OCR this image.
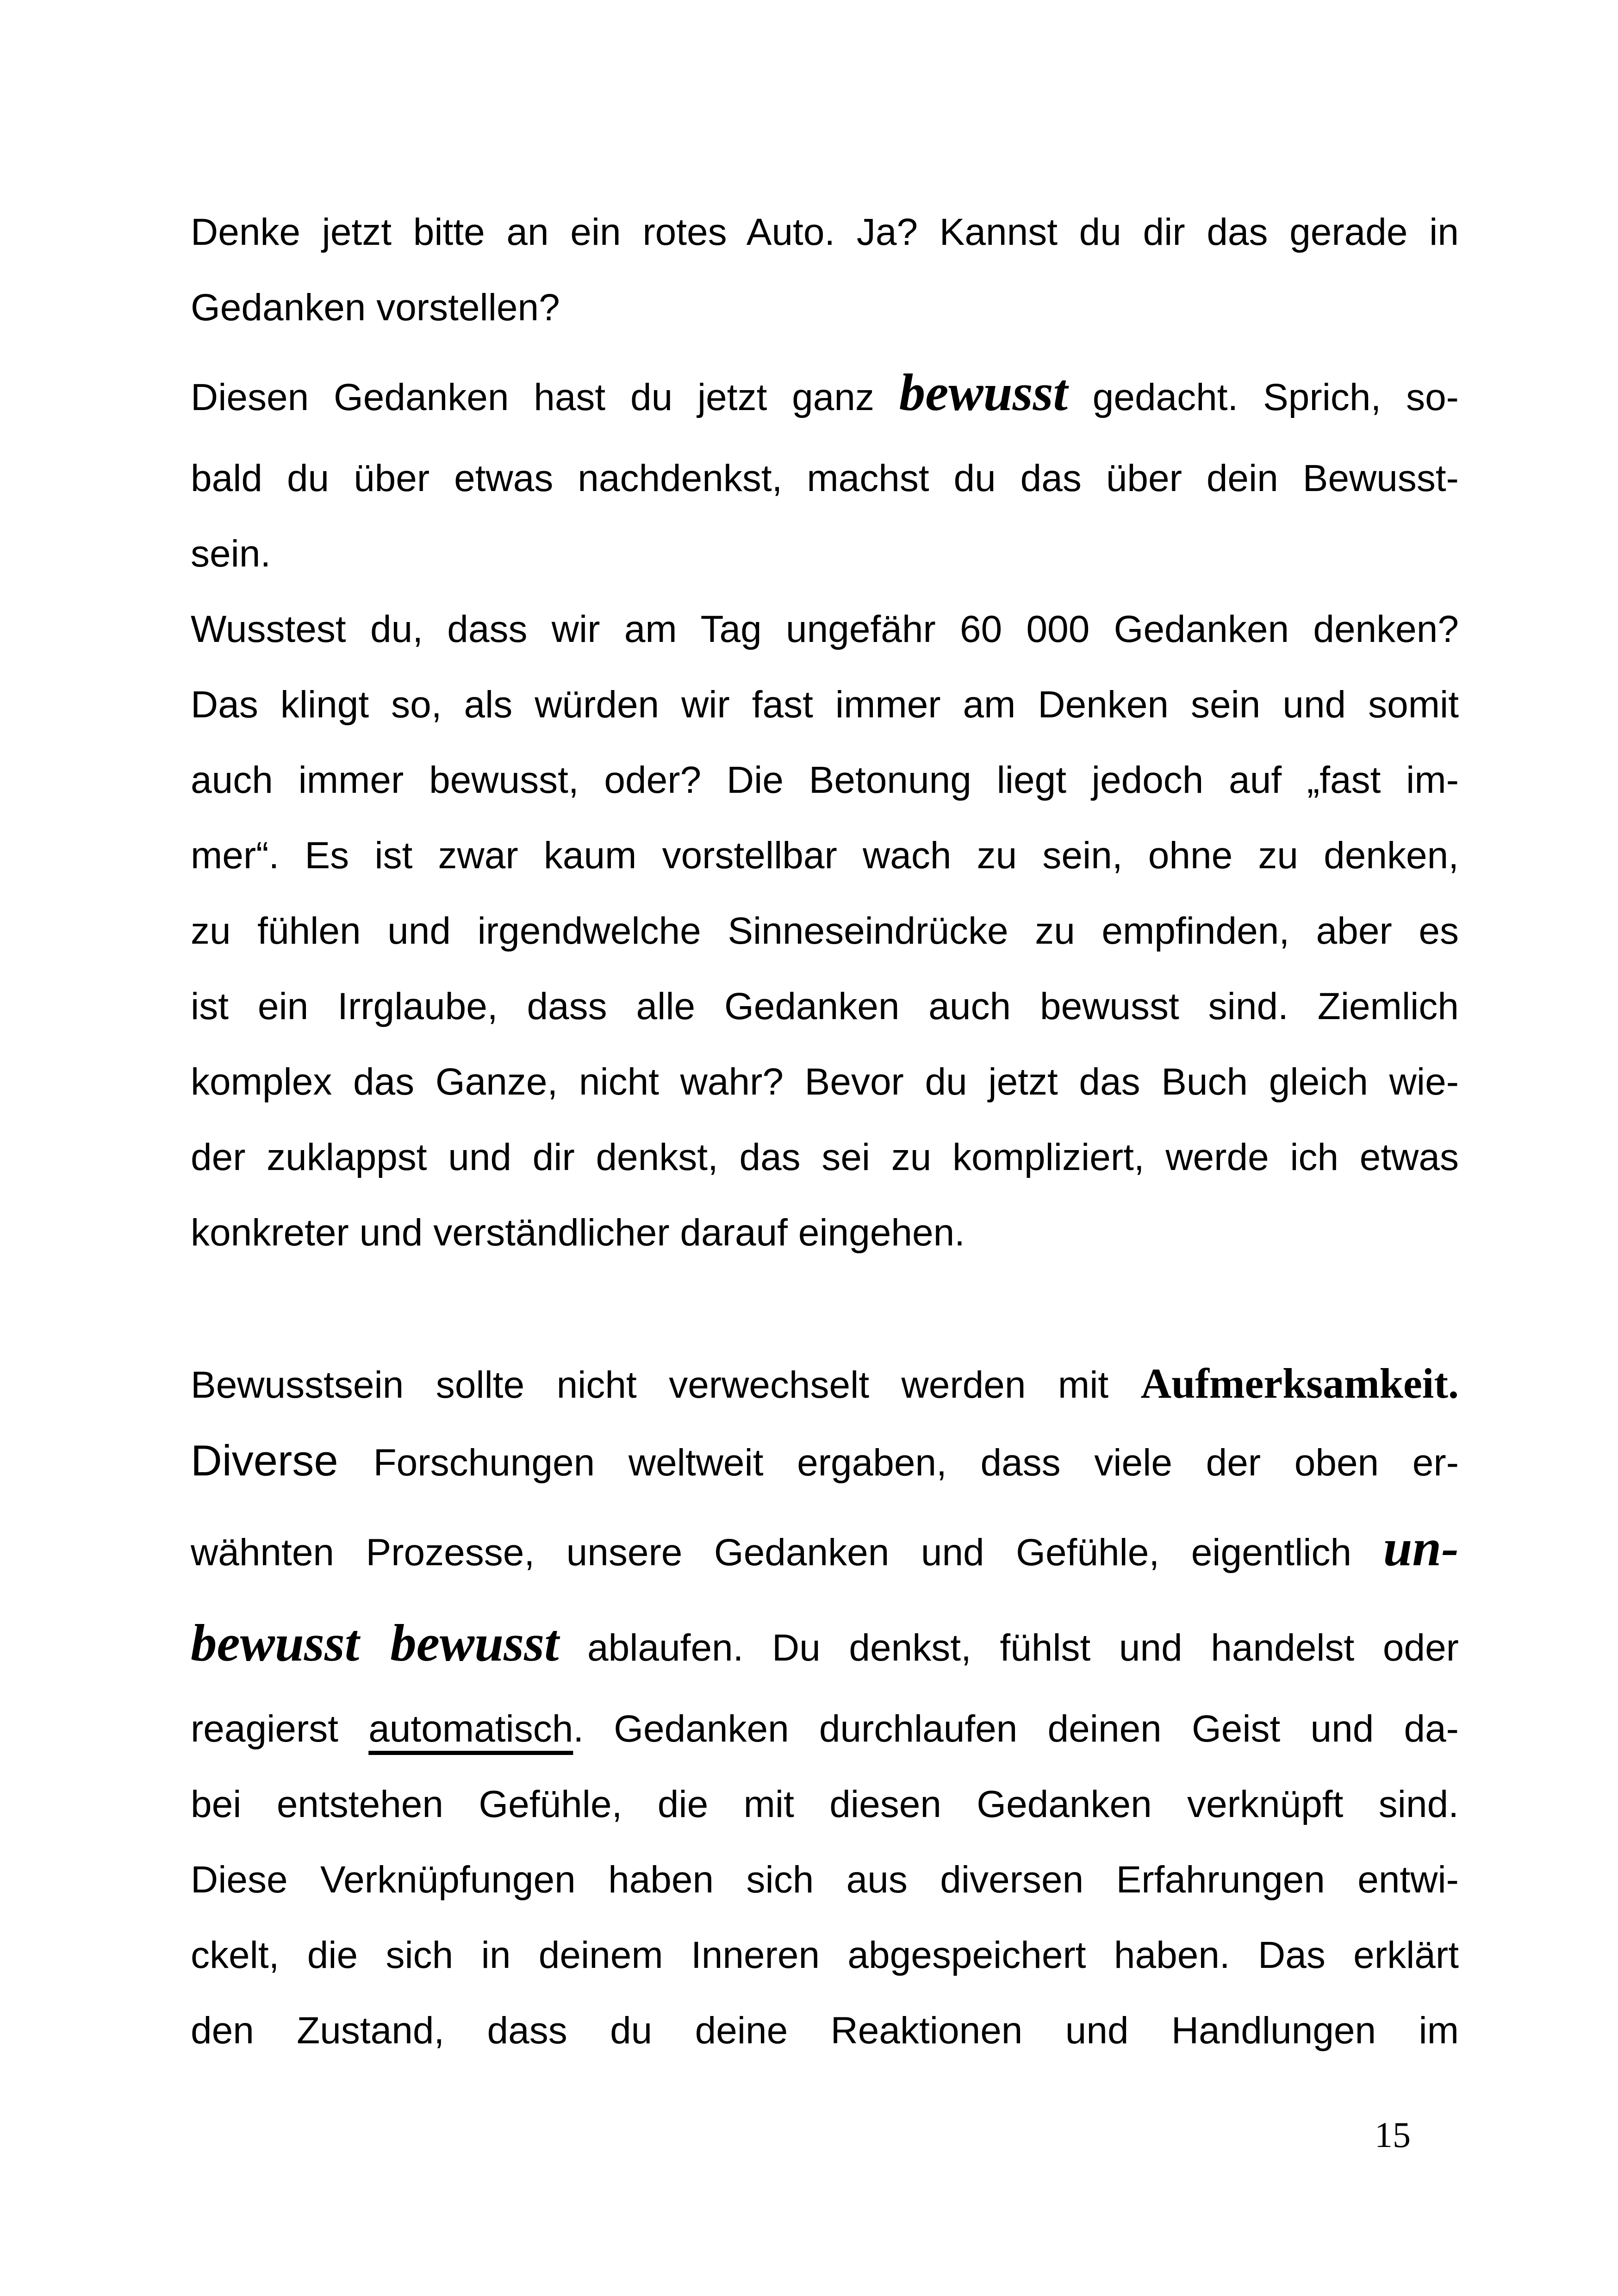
Denke jetzt bitte an ein rotes Auto. Ja? Kannst du dir das gerade in
Gedanken vorstellen?
Diesen Gedanken hast du jetzt ganz bewusst gedacht. Sprich, so-
bald du über etwas nachdenkst, machst du das über dein Bewusst-
sein.
Wusstest du, dass wir am Tag ungefähr 60 000 Gedanken denken?
Das klingt so, als würden wir fast immer am Denken sein und somit
auch immer bewusst, oder? Die Betonung liegt jedoch auf „fast im-
mer“. Es ist zwar kaum vorstellbar wach zu sein, ohne zu denken,
zu fühlen und irgendwelche Sinneseindrücke zu empfinden, aber es
ist ein Irrglaube, dass alle Gedanken auch bewusst sind. Ziemlich
komplex das Ganze, nicht wahr? Bevor du jetzt das Buch gleich wie-
der zuklappst und dir denkst, das sei zu kompliziert, werde ich etwas
konkreter und verständlicher darauf eingehen.
Bewusstsein sollte nicht verwechselt werden mit Aufmerksamkeit.
Diverse Forschungen weltweit ergaben, dass viele der oben er-
wähnten Prozesse, unsere Gedanken und Gefühle, eigentlich un-
bewusst bewusst ablaufen. Du denkst, fühlst und handelst oder
reagierst automatisch. Gedanken durchlaufen deinen Geist und da-
bei entstehen Gefühle, die mit diesen Gedanken verknüpft sind.
Diese Verknüpfungen haben sich aus diversen Erfahrungen entwi-
ckelt, die sich in deinem Inneren abgespeichert haben. Das erklärt
den Zustand, dass du deine Reaktionen und Handlungen im
15
